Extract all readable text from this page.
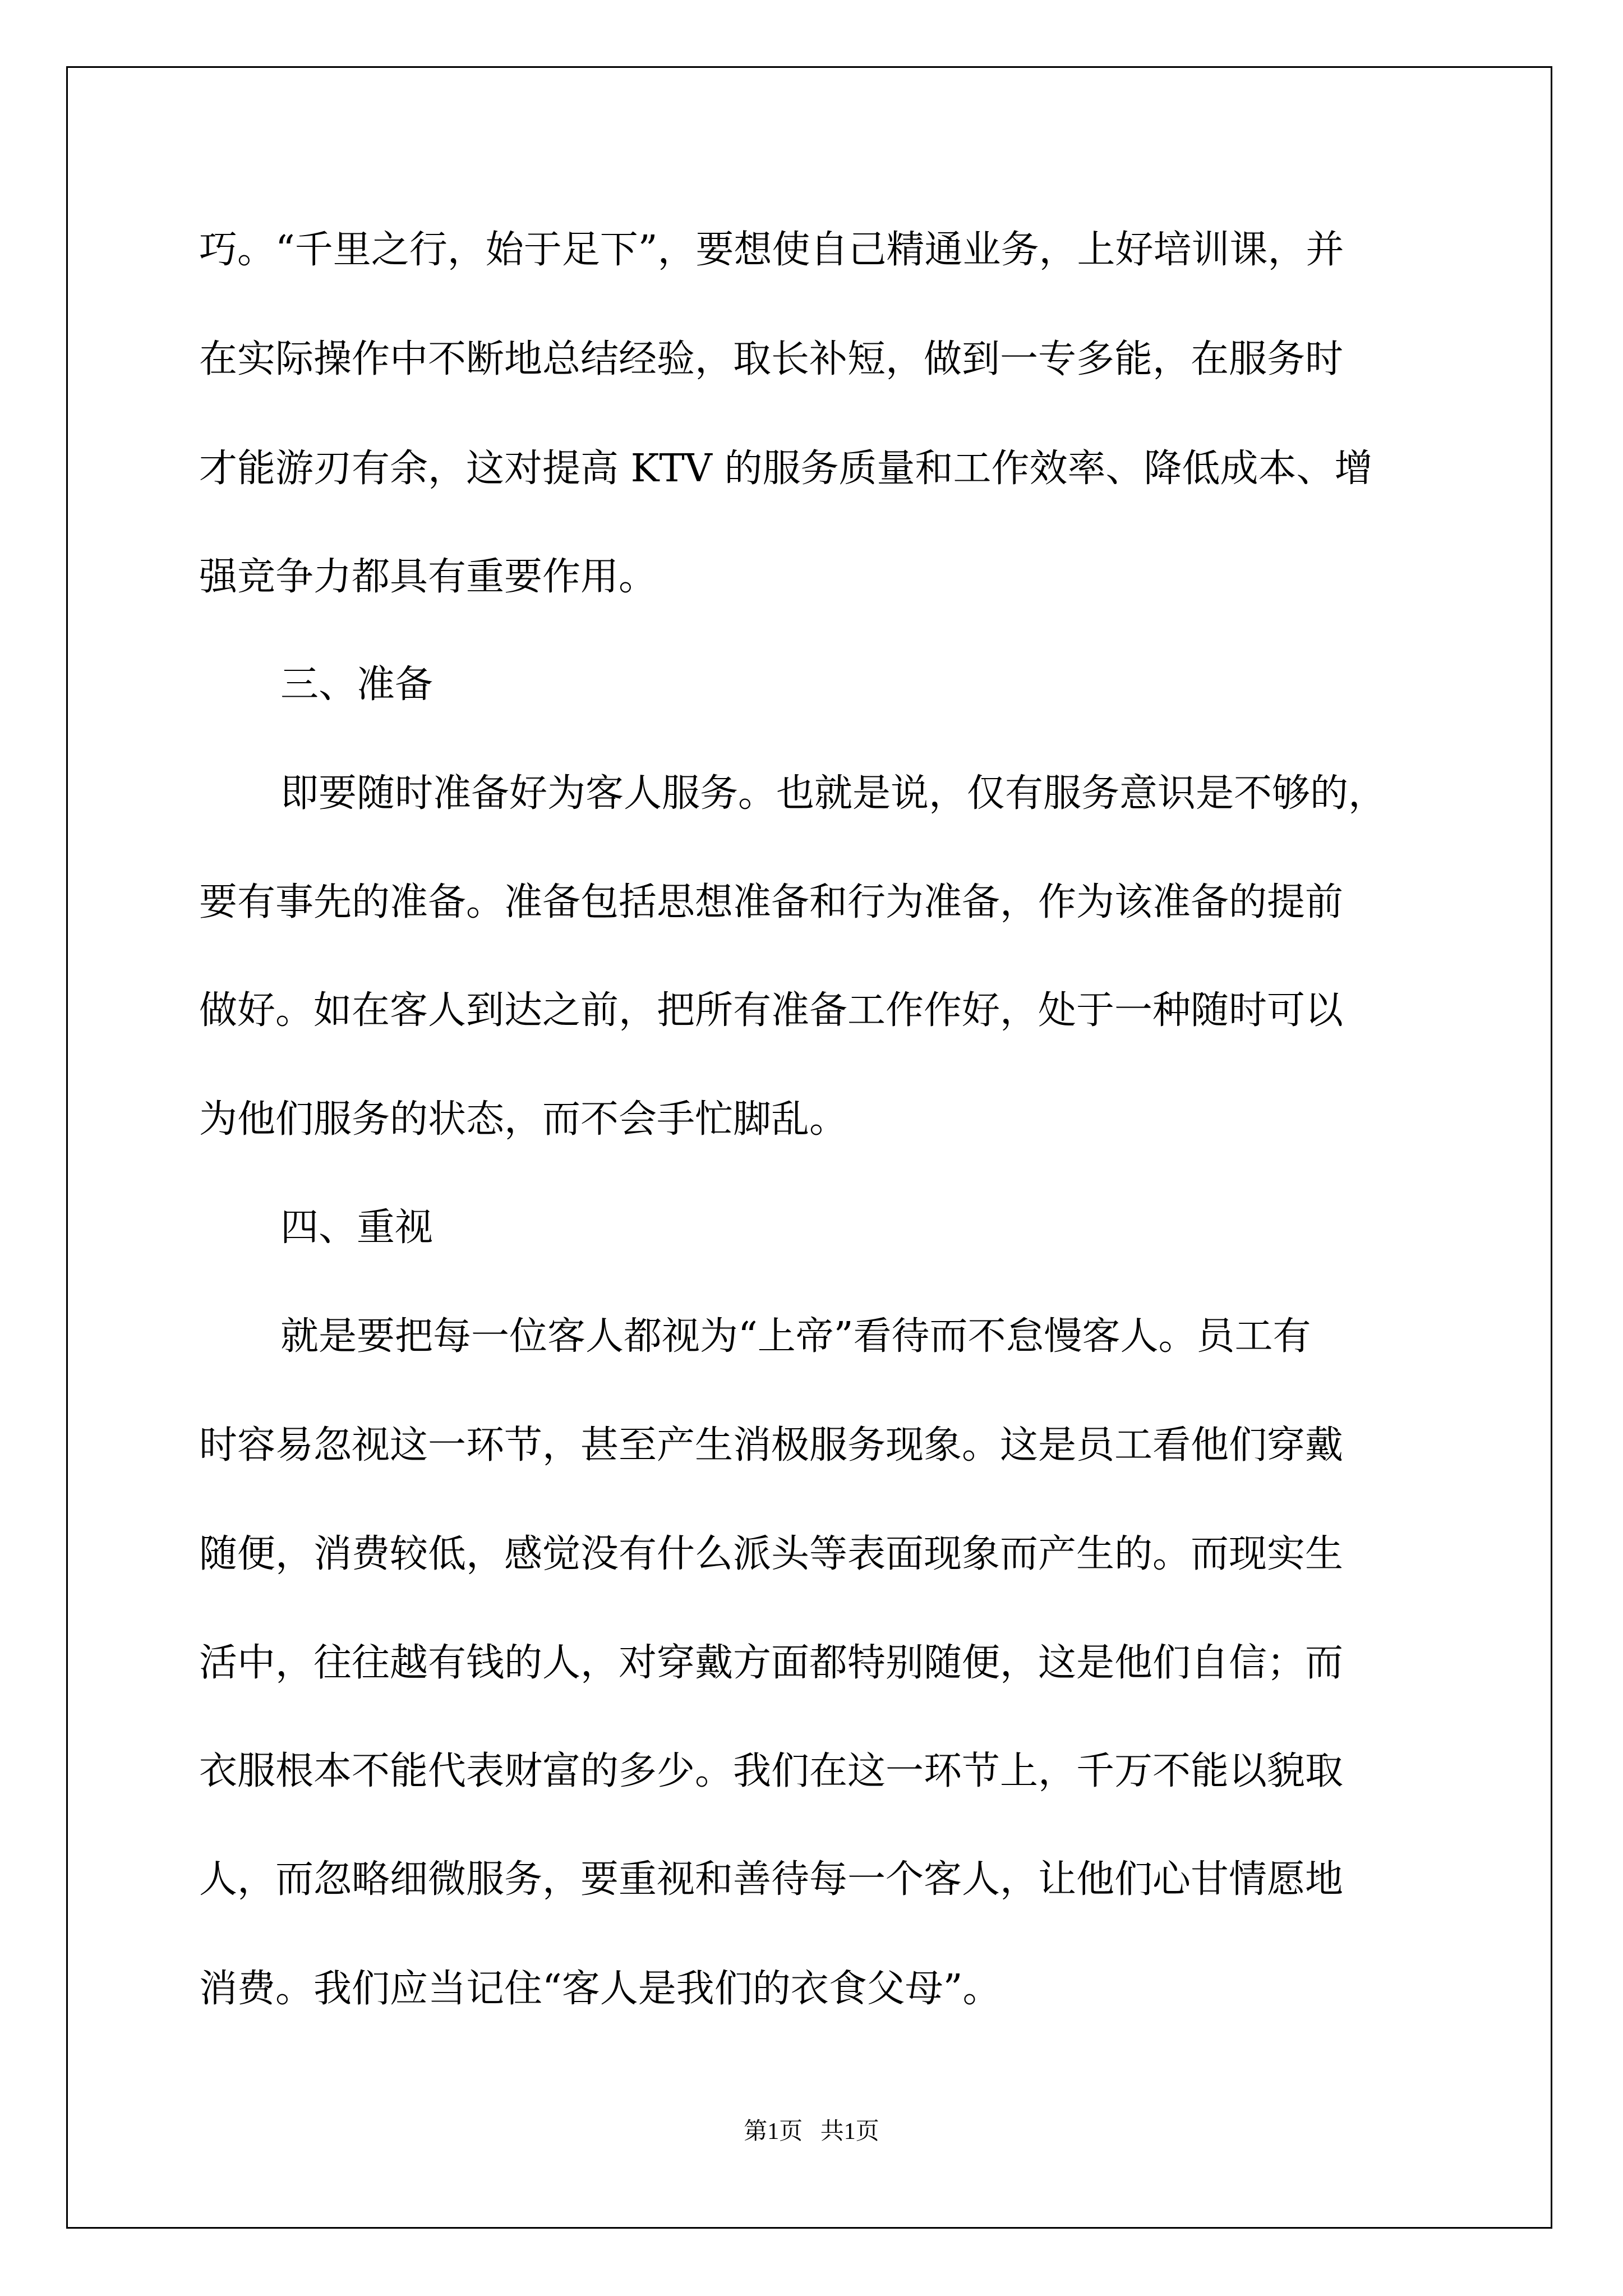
巧。“千里之行，始于足下”，要想使自己精通业务，上好培训课，并
在实际操作中不断地总结经验，取长补短，做到一专多能，在服务时
才能游刃有余，这对提高 KTV 的服务质量和工作效率、降低成本、增
强竞争力都具有重要作用。
三、准备
即要随时准备好为客人服务。也就是说，仅有服务意识是不够的，
要有事先的准备。准备包括思想准备和行为准备，作为该准备的提前
做好。如在客人到达之前，把所有准备工作作好，处于一种随时可以
为他们服务的状态，而不会手忙脚乱。
四、重视
就是要把每一位客人都视为“上帝”看待而不怠慢客人。员工有
时容易忽视这一环节，甚至产生消极服务现象。这是员工看他们穿戴
随便，消费较低，感觉没有什么派头等表面现象而产生的。而现实生
活中，往往越有钱的人，对穿戴方面都特别随便，这是他们自信；而
衣服根本不能代表财富的多少。我们在这一环节上，千万不能以貌取
人，而忽略细微服务，要重视和善待每一个客人，让他们心甘情愿地
消费。我们应当记住“客人是我们的衣食父母”。
第1页   共1页
